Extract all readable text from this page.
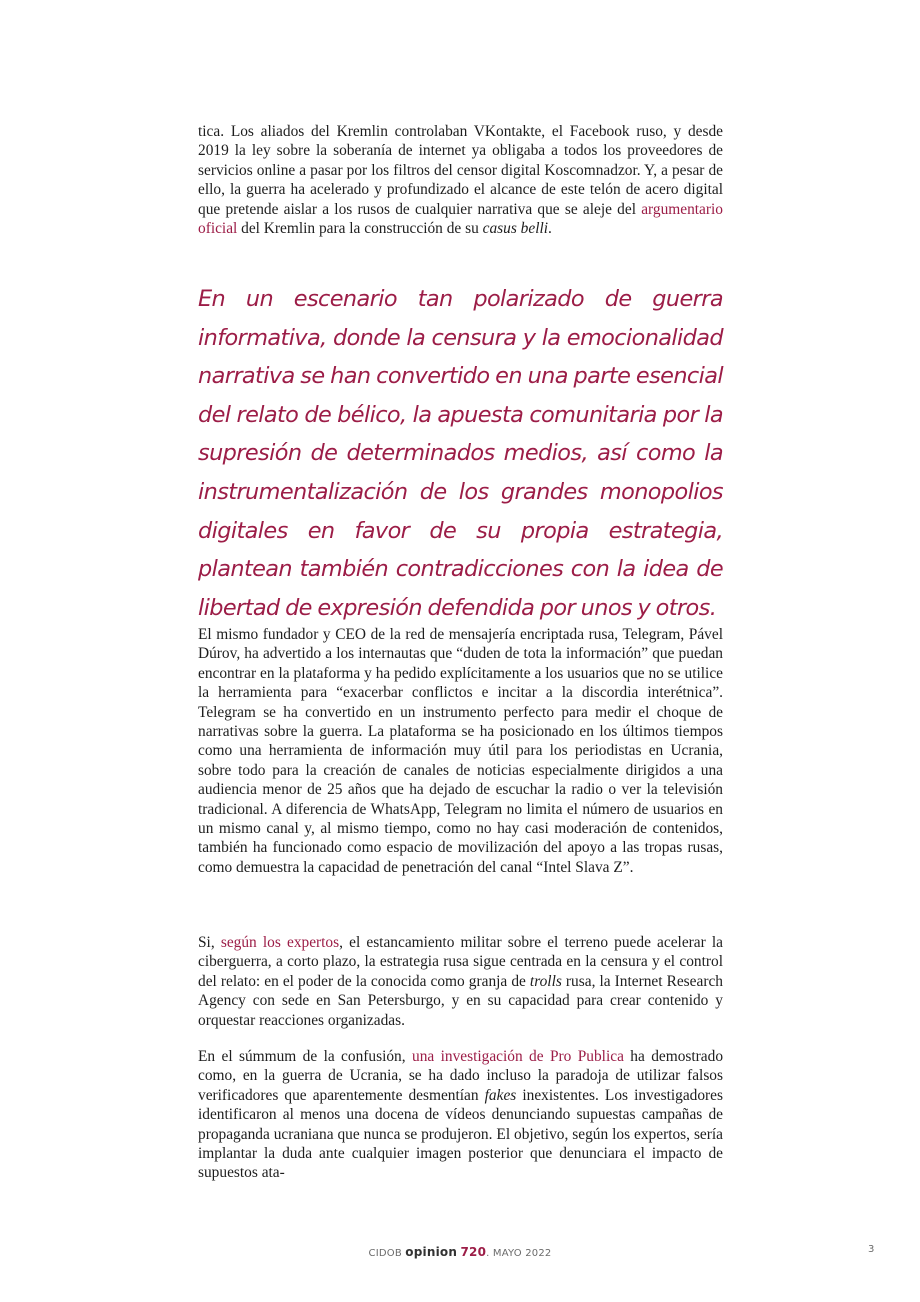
tica. Los aliados del Kremlin controlaban VKontakte, el Facebook ruso, y desde 2019 la ley sobre la soberanía de internet ya obligaba a todos los proveedores de servicios online a pasar por los filtros del censor digital Koscomnadzor. Y, a pesar de ello, la guerra ha acelerado y profundizado el alcance de este telón de acero digital que pretende aislar a los rusos de cualquier narrativa que se aleje del argumentario oficial del Kremlin para la construcción de su casus belli.

En un escenario tan polarizado de guerra informativa, donde la censura y la emocionalidad narrativa se han convertido en una parte esencial del relato de bélico, la apuesta comunitaria por la supresión de determinados medios, así como la instrumentalización de los grandes monopolios digitales en favor de su propia estrategia, plantean también contradicciones con la idea de libertad de expresión defendida por unos y otros.

El mismo fundador y CEO de la red de mensajería encriptada rusa, Telegram, Pável Dúrov, ha advertido a los internautas que “duden de tota la información” que puedan encontrar en la plataforma y ha pedido explícitamente a los usuarios que no se utilice la herramienta para “exacerbar conflictos e incitar a la discordia interétnica”. Telegram se ha convertido en un instrumento perfecto para medir el choque de narrativas sobre la guerra. La plataforma se ha posicionado en los últimos tiempos como una herramienta de información muy útil para los periodistas en Ucrania, sobre todo para la creación de canales de noticias especialmente dirigidos a una audiencia menor de 25 años que ha dejado de escuchar la radio o ver la televisión tradicional. A diferencia de WhatsApp, Telegram no limita el número de usuarios en un mismo canal y, al mismo tiempo, como no hay casi moderación de contenidos, también ha funcionado como espacio de movilización del apoyo a las tropas rusas, como demuestra la capacidad de penetración del canal “Intel Slava Z”.

Si, según los expertos, el estancamiento militar sobre el terreno puede acelerar la ciberguerra, a corto plazo, la estrategia rusa sigue centrada en la censura y el control del relato: en el poder de la conocida como granja de trolls rusa, la Internet Research Agency con sede en San Petersburgo, y en su capacidad para crear contenido y orquestar reacciones organizadas.

En el súmmum de la confusión, una investigación de Pro Publica ha demostrado como, en la guerra de Ucrania, se ha dado incluso la paradoja de utilizar falsos verificadores que aparentemente desmentían fakes inexistentes. Los investigadores identificaron al menos una docena de vídeos denunciando supuestas campañas de propaganda ucraniana que nunca se produjeron. El objetivo, según los expertos, sería implantar la duda ante cualquier imagen posterior que denunciara el impacto de supuestos ata-

CIDOB opinion 720. MAYO 2022	3
